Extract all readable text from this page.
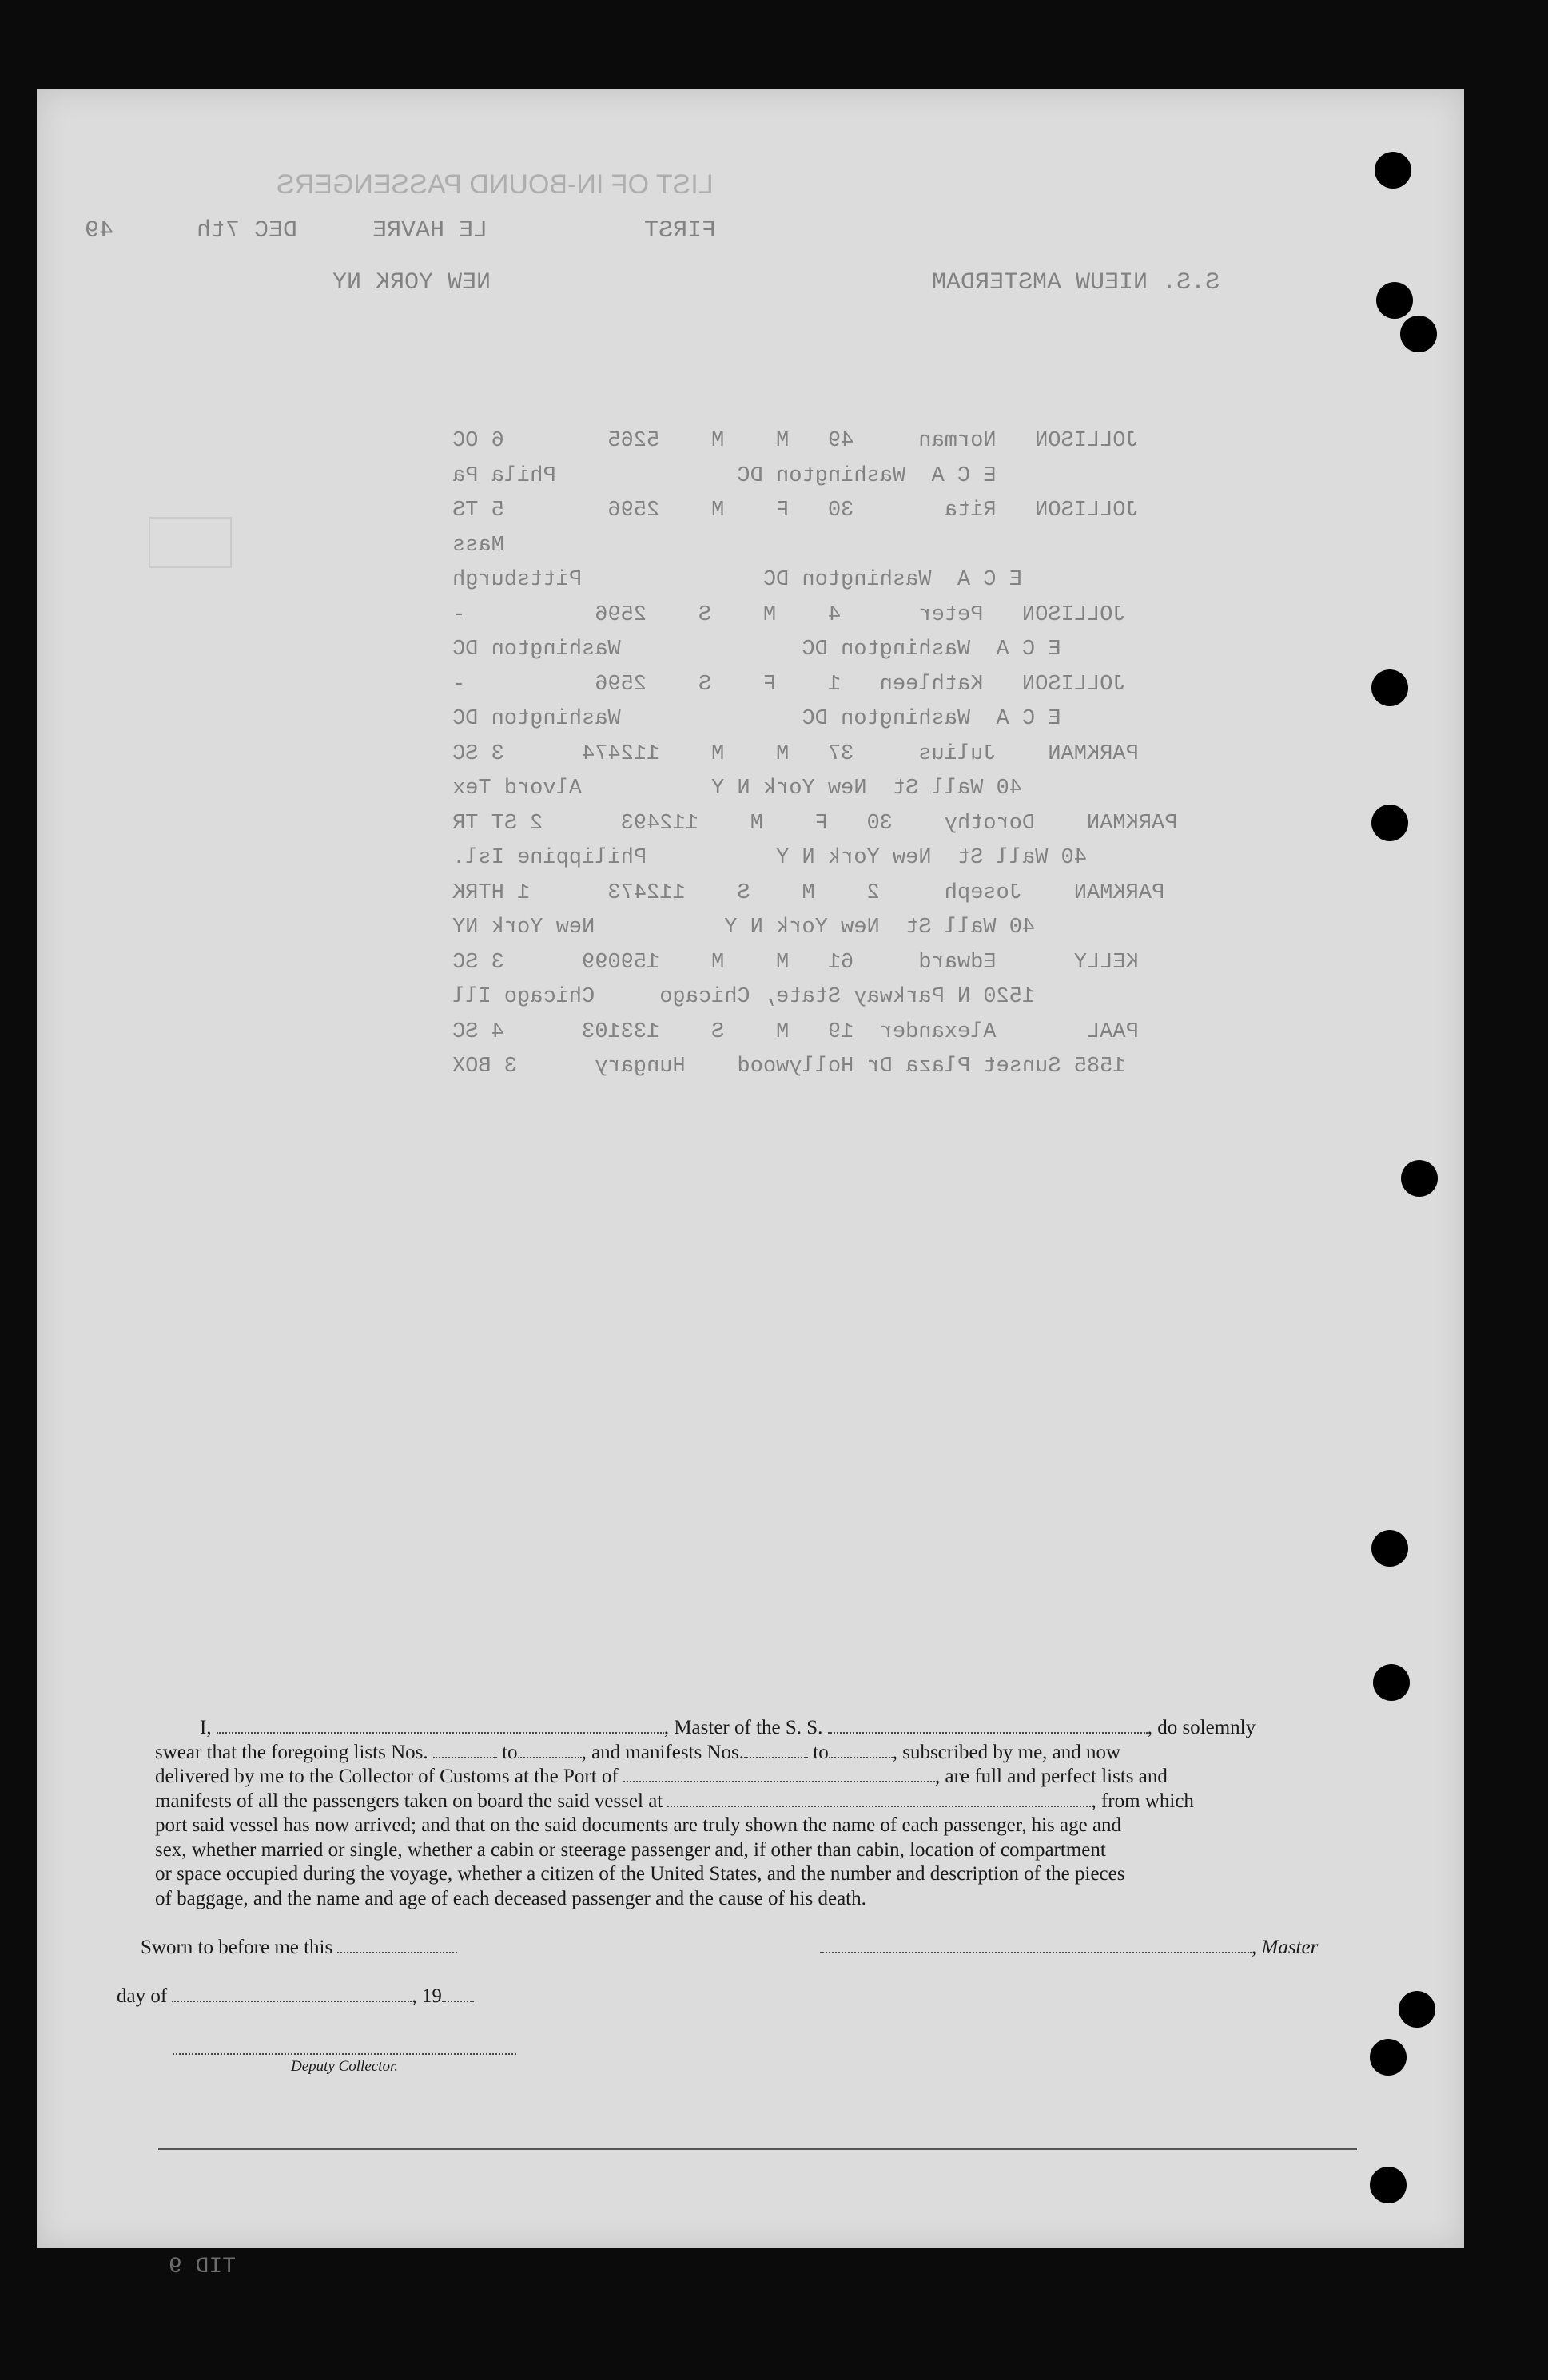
LIST OF IN-BOUND PASSENGERS
49	DEC 7th	LE HAVRE	FIRST
NEW YORK NY	S.S. NIEUW AMSTERDAM
JOLLISON   Norman     49   M    M    5265        6 OC
E C A  Washington DC              Phila Pa
JOLLISON   Rita       30   F    M    2596        5 TS
Mass
E C A  Washington DC              Pittsburgh
JOLLISON   Peter      4    M    S    2596          -
E C A  Washington DC              Washington DC
JOLLISON   Kathleen   1    F    S    2596          -
E C A  Washington DC              Washington DC
PARKMAN    Julius     37   M    M    112474      3 SC
40 Wall St  New York N Y          Alvord Tex
PARKMAN    Dorothy    30   F    M    112493      2 ST TR
40 Wall St  New York N Y          Philippine Isl.
PARKMAN    Joseph     2    M    S    112473      1 HTRK
40 Wall St  New York N Y          New York NY
KELLY      Edward     61   M    M    159099      3 SC
1520 N Parkway State, Chicago     Chicago Ill
PAAL       Alexander  19   M    S    133103      4 SC
1585 Sunset Plaza Dr Hollywood    Hungary      3 BOX
I,	, Master of the S. S.	, do solemnly
swear that the foregoing lists Nos.	to	, and manifests Nos.	to	, subscribed by me, and now
delivered by me to the Collector of Customs at the Port of	, are full and perfect lists and
manifests of all the passengers taken on board the said vessel at	, from which
port said vessel has now arrived; and that on the said documents are truly shown the name of each passenger, his age and
sex, whether married or single, whether a cabin or steerage passenger and, if other than cabin, location of compartment
or space occupied during the voyage, whether a citizen of the United States, and the number and description of the pieces
of baggage, and the name and age of each deceased passenger and the cause of his death.
Sworn to before me this	, Master
day of	, 19
Deputy Collector.
TID 9
